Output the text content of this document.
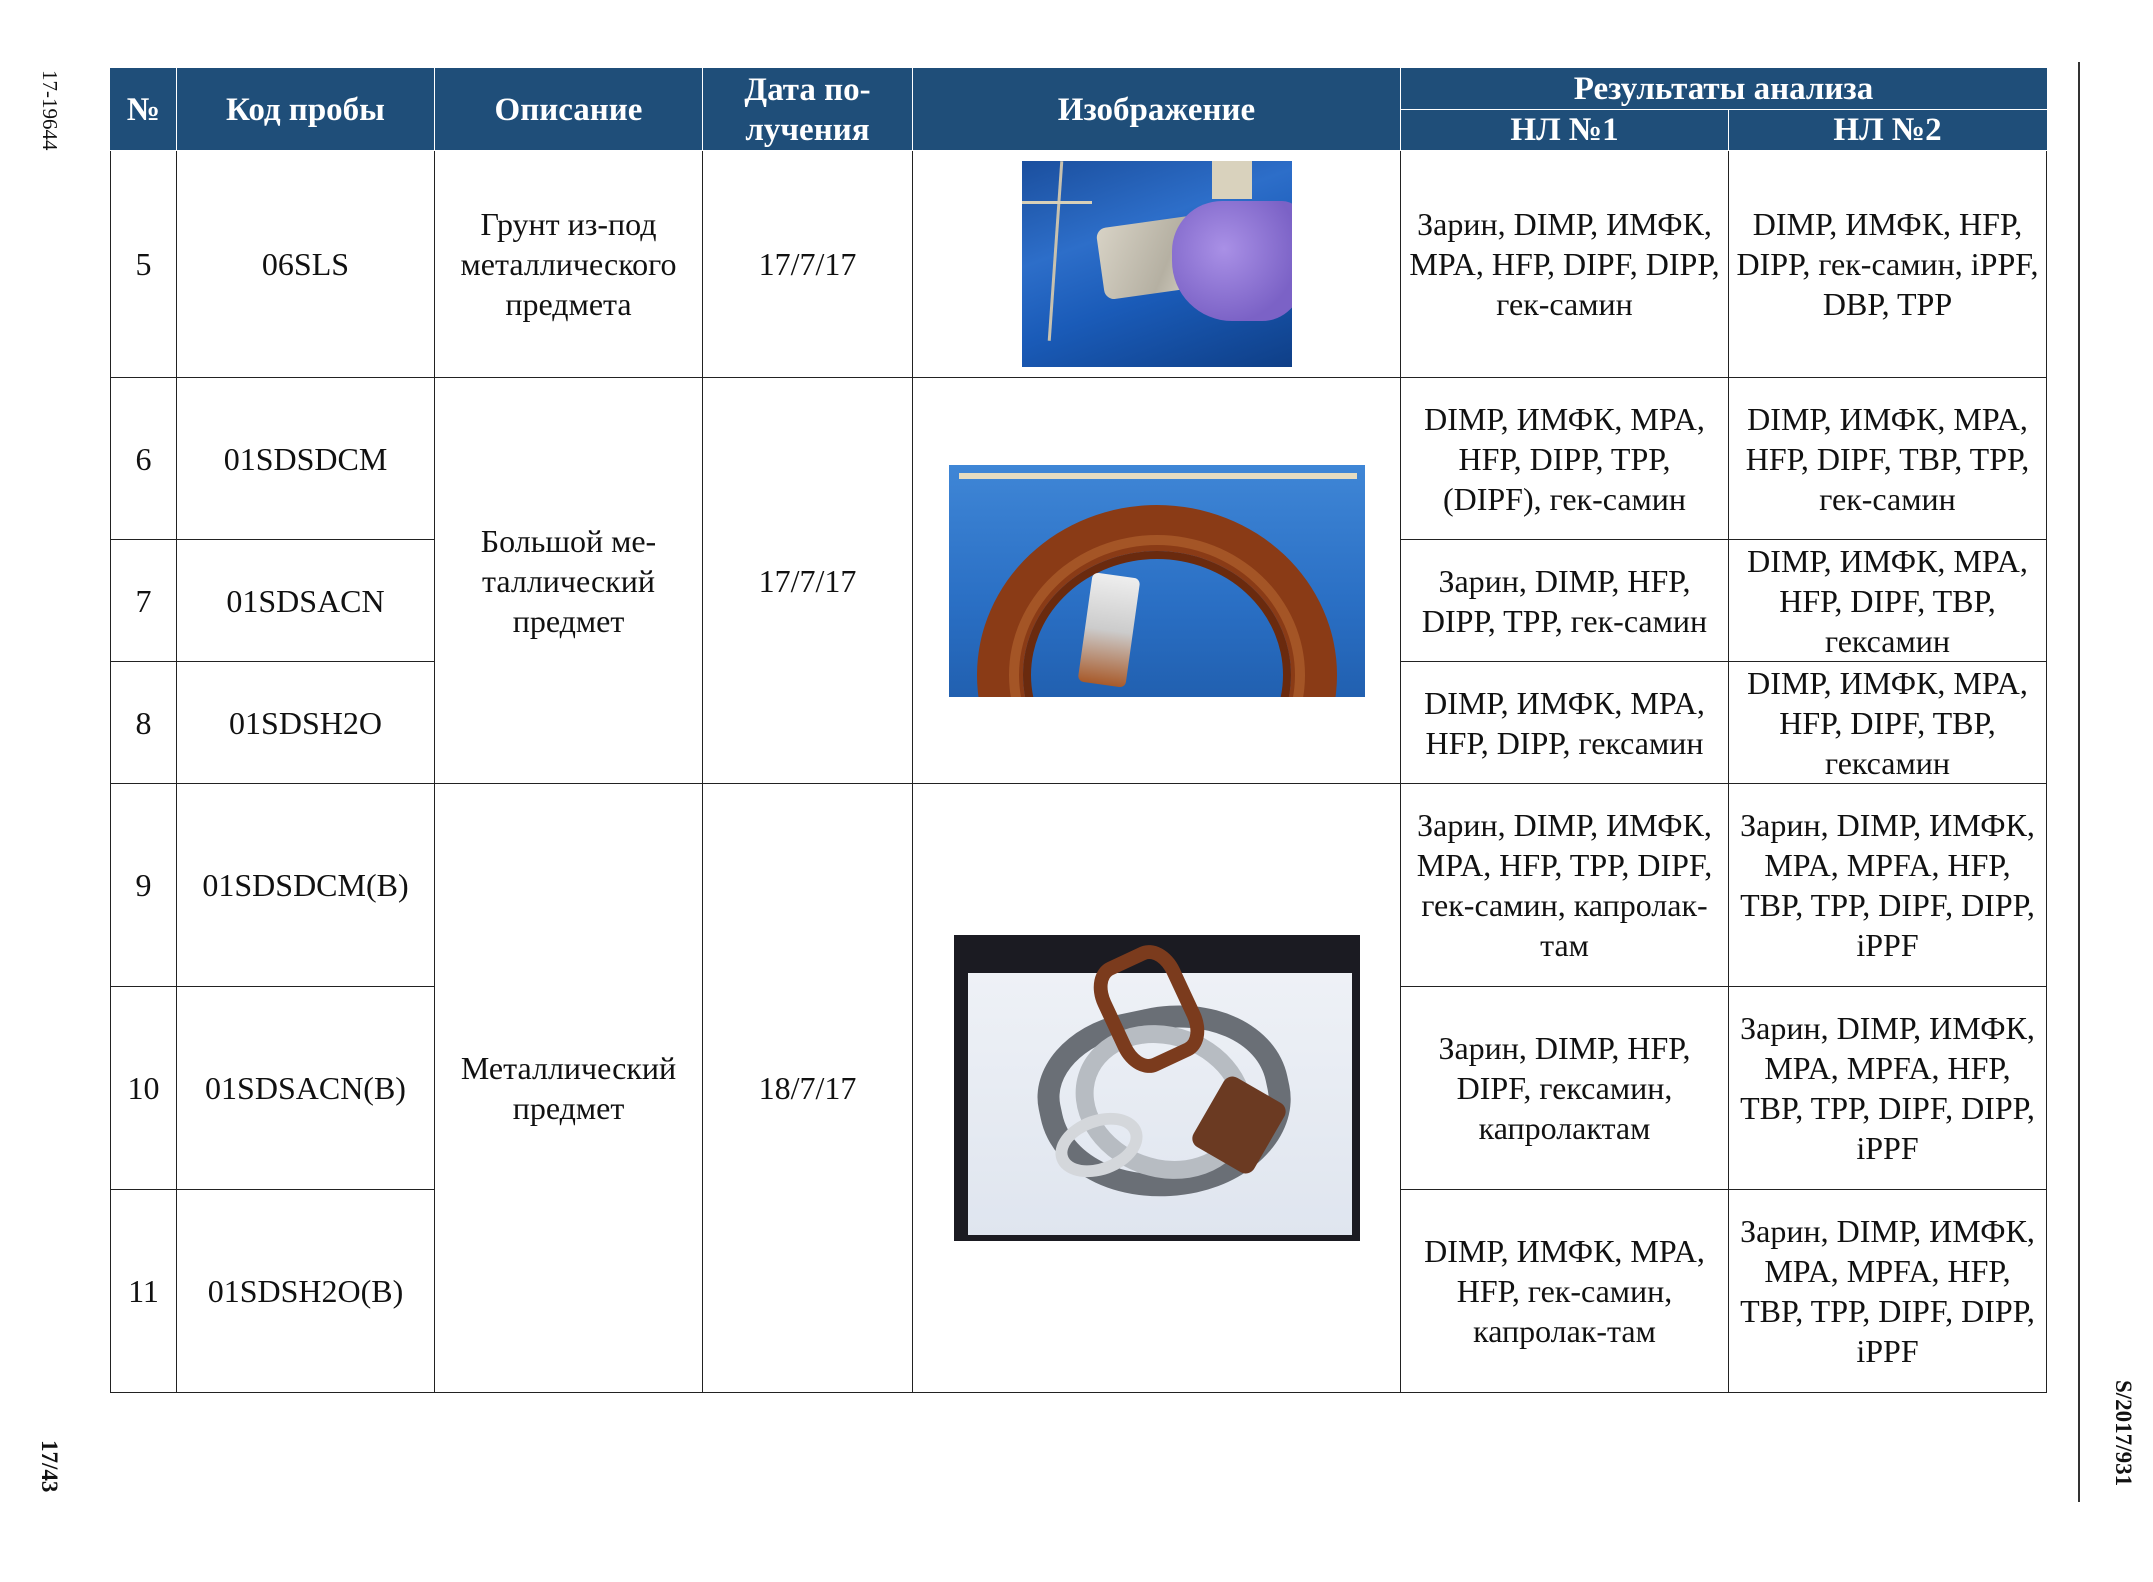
17-19644
17/43	S/2017/931
№	Код пробы	Описание	Дата по-лучения	Изображение	Результаты анализа	
					НЛ №1	НЛ №2
5	06SLS	Грунт из-под металлического предмета	17/7/17		Зарин, DIMP, ИМФК, MPA, HFP, DIPF, DIPP, гек-самин	DIMP, ИМФК, HFP, DIPP, гек-самин, iPPF, DBP, TPP
6	01SDSDCM	Большой ме-таллический предмет	17/7/17		DIMP, ИМФК, MPA, HFP, DIPP, TPP, (DIPF), гек-самин	DIMP, ИМФК, MPA, HFP, DIPF, TBP, TPP, гек-самин
7	01SDSACN				Зарин, DIMP, HFP, DIPP, TPP, гек-самин	DIMP, ИМФК, MPA, HFP, DIPF, TBP, гексамин
8	01SDSH2O				DIMP, ИМФК, MPA, HFP, DIPP, гексамин	DIMP, ИМФК, MPA, HFP, DIPF, TBP, гексамин
9	01SDSDCM(B)	Металлический предмет	18/7/17		Зарин, DIMP, ИМФК, MPA, HFP, TPP, DIPF, гек-самин, капролак-там	Зарин, DIMP, ИМФК, MPA, MPFA, HFP, TBP, TPP, DIPF, DIPP, iPPF
10	01SDSACN(B)				Зарин, DIMP, HFP, DIPF, гексамин, капролактам	Зарин, DIMP, ИМФК, MPA, MPFA, HFP, TBP, TPP, DIPF, DIPP, iPPF
11	01SDSH2O(B)				DIMP, ИМФК, MPA, HFP, гек-самин, капролак-там	Зарин, DIMP, ИМФК, MPA, MPFA, HFP, TBP, TPP, DIPF, DIPP, iPPF
